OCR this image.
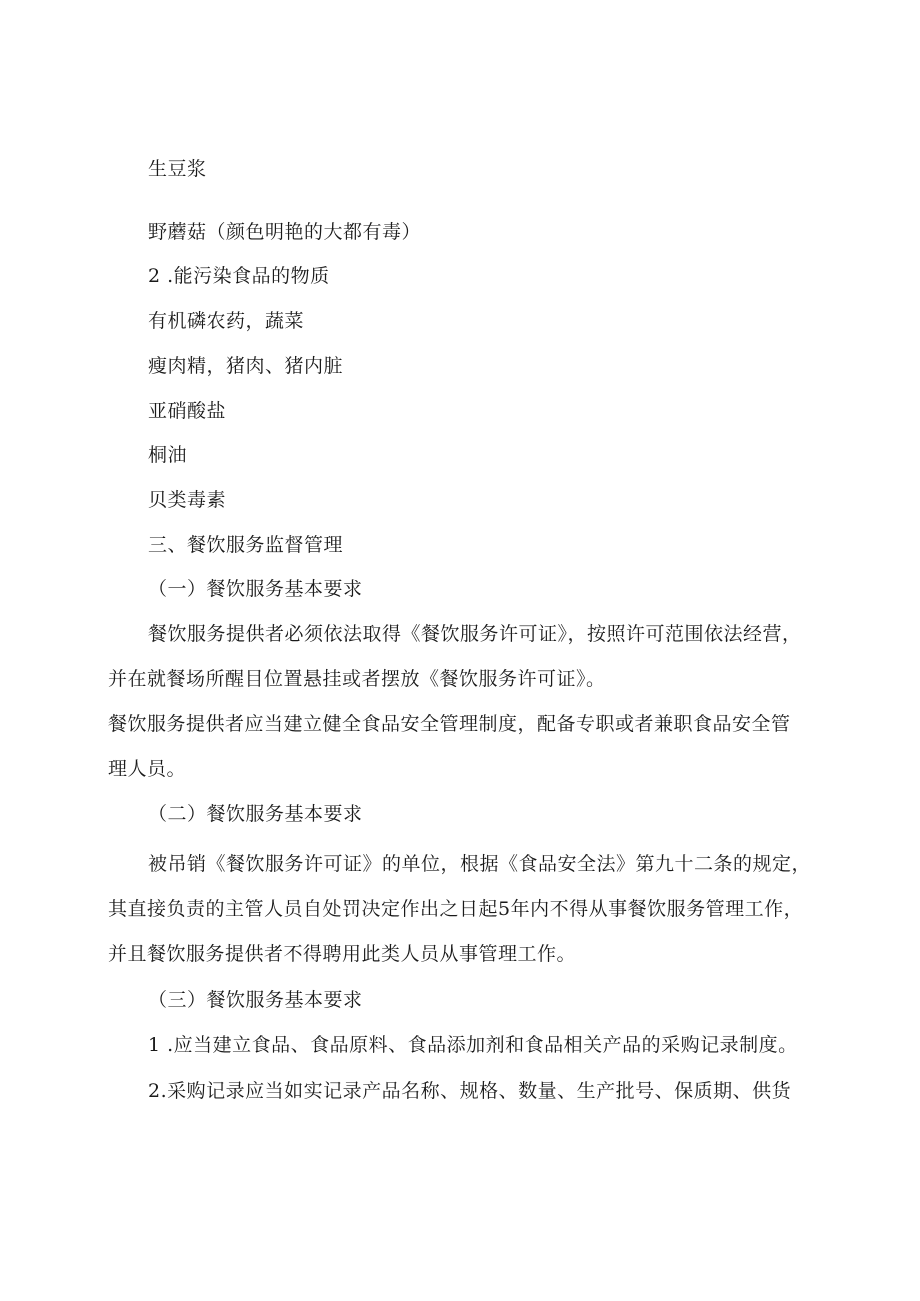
生豆浆
野蘑菇（颜色明艳的大都有毒）
2 .能污染食品的物质
有机磷农药，蔬菜
瘦肉精，猪肉、猪内脏
亚硝酸盐
桐油
贝类毒素
三、餐饮服务监督管理
（一）餐饮服务基本要求
餐饮服务提供者必须依法取得《餐饮服务许可证》，按照许可范围依法经营，
并在就餐场所醒目位置悬挂或者摆放《餐饮服务许可证》。
餐饮服务提供者应当建立健全食品安全管理制度，配备专职或者兼职食品安全管
理人员。
（二）餐饮服务基本要求
被吊销《餐饮服务许可证》的单位，根据《食品安全法》第九十二条的规定，
其直接负责的主管人员自处罚决定作出之日起5年内不得从事餐饮服务管理工作，
并且餐饮服务提供者不得聘用此类人员从事管理工作。
（三）餐饮服务基本要求
1 .应当建立食品、食品原料、食品添加剂和食品相关产品的采购记录制度。
2.采购记录应当如实记录产品名称、规格、数量、生产批号、保质期、供货
